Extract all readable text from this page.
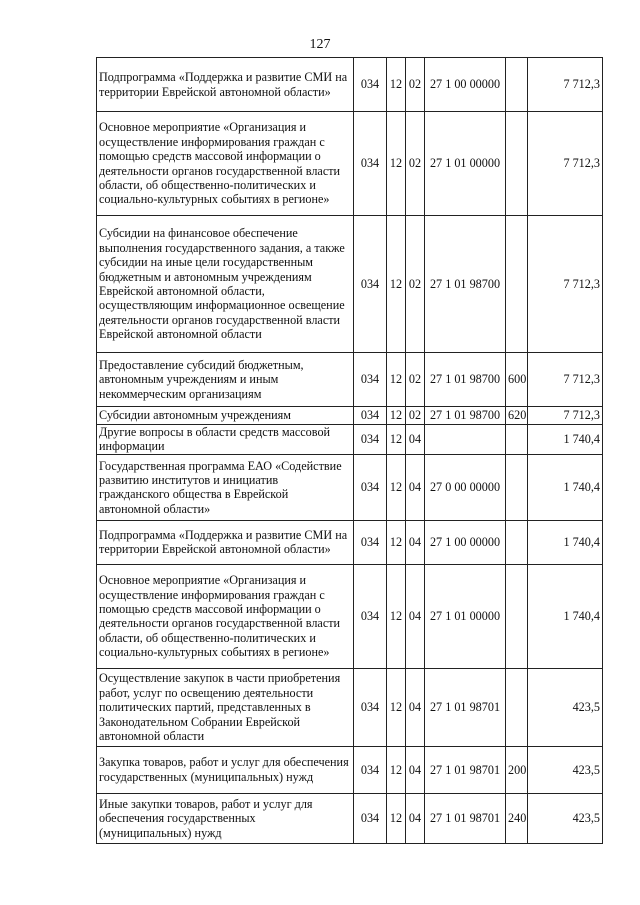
127
Подпрограмма «Поддержка и развитие СМИ на территории Еврейской автономной области»	034	12	02	27 1 00 00000		7 712,3
Основное мероприятие «Организация и осуществление информирования граждан с помощью средств массовой информации о деятельности органов государственной власти области, об общественно-политических и социально-культурных событиях в регионе»	034	12	02	27 1 01 00000		7 712,3
Субсидии на финансовое обеспечение выполнения государственного задания, а также субсидии на иные цели государственным бюджетным и автономным учреждениям Еврейской автономной области, осуществляющим информационное освещение деятельности органов государственной власти Еврейской автономной области	034	12	02	27 1 01 98700		7 712,3
Предоставление субсидий бюджетным, автономным учреждениям и иным некоммерческим организациям	034	12	02	27 1 01 98700	600	7 712,3
Субсидии автономным учреждениям	034	12	02	27 1 01 98700	620	7 712,3
Другие вопросы в области средств массовой информации	034	12	04			1 740,4
Государственная программа ЕАО «Содействие развитию институтов и инициатив гражданского общества в Еврейской автономной области»	034	12	04	27 0 00 00000		1 740,4
Подпрограмма «Поддержка и развитие СМИ на территории Еврейской автономной области»	034	12	04	27 1 00 00000		1 740,4
Основное мероприятие «Организация и осуществление информирования граждан с помощью средств массовой информации о деятельности органов государственной власти области, об общественно-политических и социально-культурных событиях в регионе»	034	12	04	27 1 01 00000		1 740,4
Осуществление закупок в части приобретения работ, услуг по освещению деятельности политических партий, представленных в Законодательном Собрании Еврейской автономной области	034	12	04	27 1 01 98701		423,5
Закупка товаров, работ и услуг для обеспечения государственных (муниципальных) нужд	034	12	04	27 1 01 98701	200	423,5
Иные закупки товаров, работ и услуг для обеспечения государственных (муниципальных) нужд	034	12	04	27 1 01 98701	240	423,5
